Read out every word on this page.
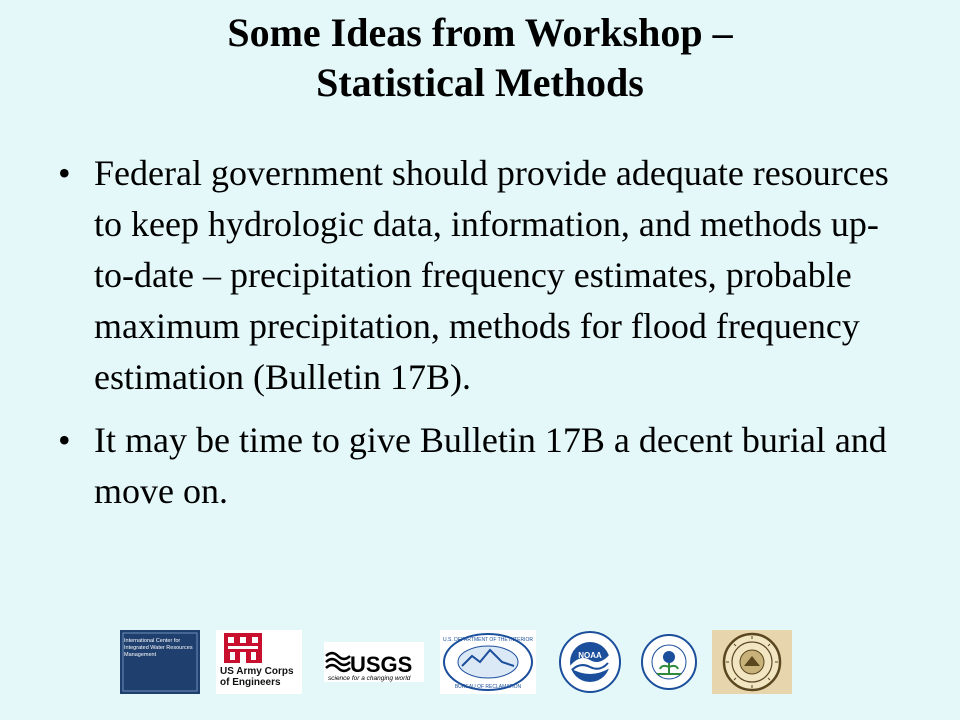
Some Ideas from Workshop –
Statistical Methods
• Federal government should provide adequate resources to keep hydrologic data, information, and methods up-to-date – precipitation frequency estimates, probable maximum precipitation, methods for flood frequency estimation (Bulletin 17B).
• It may be time to give Bulletin 17B a decent burial and move on.
International Center for Integrated Water Resources Management
US Army Corps
of Engineers
USGS
science for a changing world
U.S. DEPARTMENT OF THE INTERIOR
BUREAU OF RECLAMATION
NOAA
